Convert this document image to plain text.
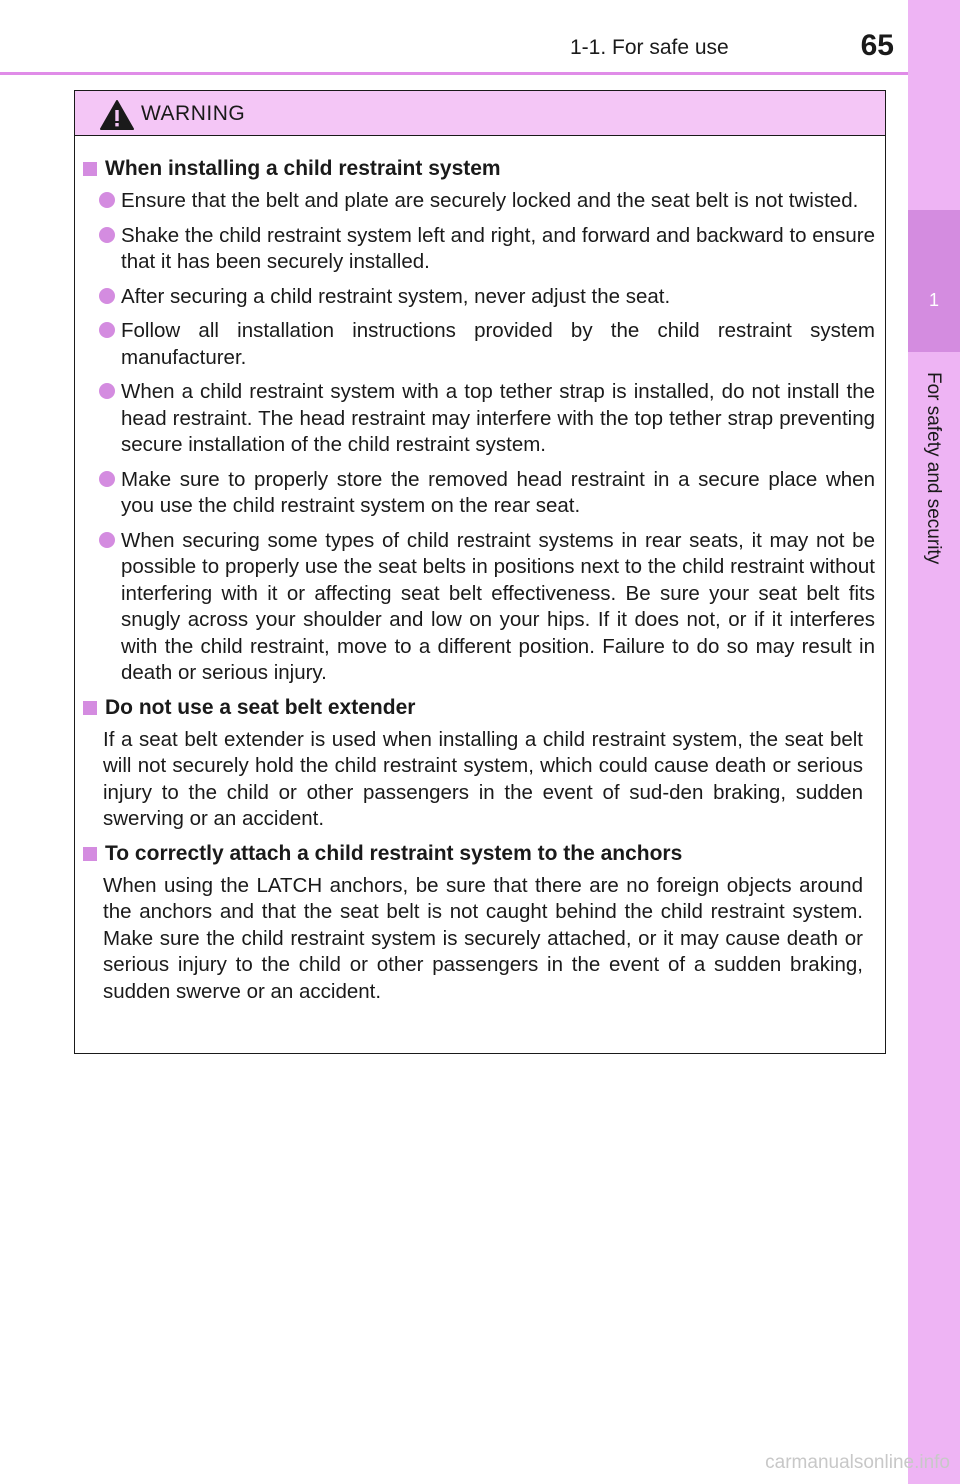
1-1. For safe use	65
1
For safety and security
WARNING
When installing a child restraint system
Ensure that the belt and plate are securely locked and the seat belt is not twisted.
Shake the child restraint system left and right, and forward and backward to ensure that it has been securely installed.
After securing a child restraint system, never adjust the seat.
Follow all installation instructions provided by the child restraint system manufacturer.
When a child restraint system with a top tether strap is installed, do not install the head restraint. The head restraint may interfere with the top tether strap preventing secure installation of the child restraint system.
Make sure to properly store the removed head restraint in a secure place when you use the child restraint system on the rear seat.
When securing some types of child restraint systems in rear seats, it may not be possible to properly use the seat belts in positions next to the child restraint without interfering with it or affecting seat belt effectiveness. Be sure your seat belt fits snugly across your shoulder and low on your hips. If it does not, or if it interferes with the child restraint, move to a different position. Failure to do so may result in death or serious injury.
Do not use a seat belt extender
If a seat belt extender is used when installing a child restraint system, the seat belt will not securely hold the child restraint system, which could cause death or serious injury to the child or other passengers in the event of sud-den braking, sudden swerving or an accident.
To correctly attach a child restraint system to the anchors
When using the LATCH anchors, be sure that there are no foreign objects around the anchors and that the seat belt is not caught behind the child restraint system. Make sure the child restraint system is securely attached, or it may cause death or serious injury to the child or other passengers in the event of a sudden braking, sudden swerve or an accident.
carmanualsonline.info
